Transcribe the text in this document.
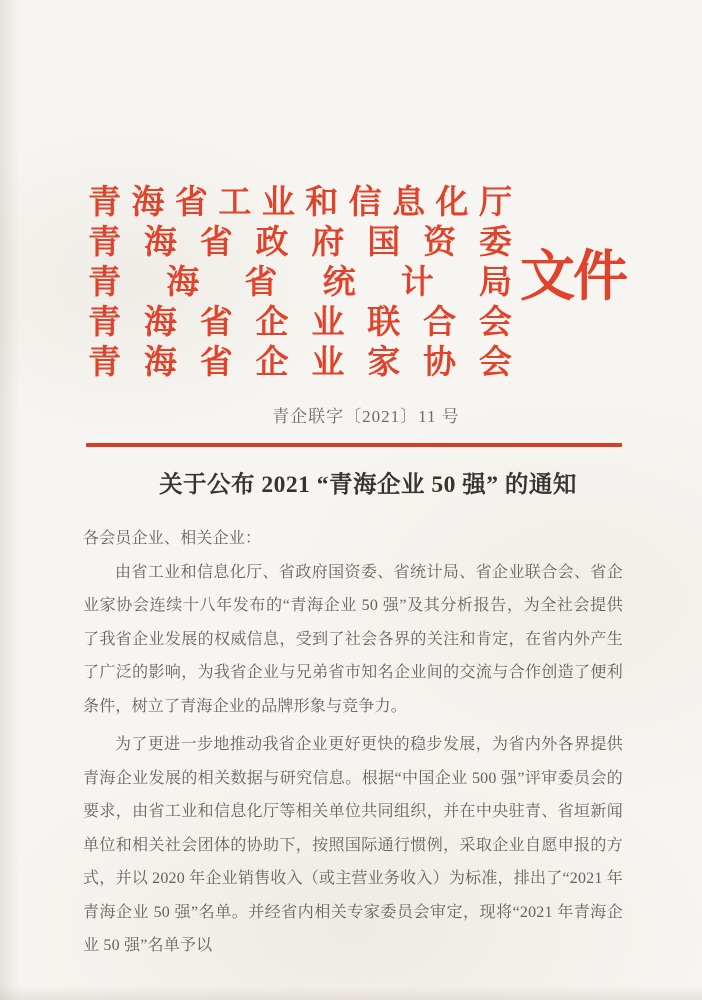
青 海 省 工 业 和 信 息 化 厅
青 海 省 政 府 国 资 委
青 海 省 统 计 局
青 海 省 企 业 联 合 会
青 海 省 企 业 家 协 会
文件
青企联字〔2021〕11 号
关于公布 2021 “青海企业 50 强” 的通知

各会员企业、相关企业：

由省工业和信息化厅、省政府国资委、省统计局、省企业联合会、省企业家协会连续十八年发布的“青海企业 50 强”及其分析报告，为全社会提供了我省企业发展的权威信息，受到了社会各界的关注和肯定，在省内外产生了广泛的影响，为我省企业与兄弟省市知名企业间的交流与合作创造了便利条件，树立了青海企业的品牌形象与竞争力。

为了更进一步地推动我省企业更好更快的稳步发展，为省内外各界提供青海企业发展的相关数据与研究信息。根据“中国企业 500 强”评审委员会的要求，由省工业和信息化厅等相关单位共同组织，并在中央驻青、省垣新闻单位和相关社会团体的协助下，按照国际通行惯例，采取企业自愿申报的方式，并以 2020 年企业销售收入（或主营业务收入）为标准，排出了“2021 年青海企业 50 强”名单。并经省内相关专家委员会审定，现将“2021 年青海企业 50 强”名单予以
